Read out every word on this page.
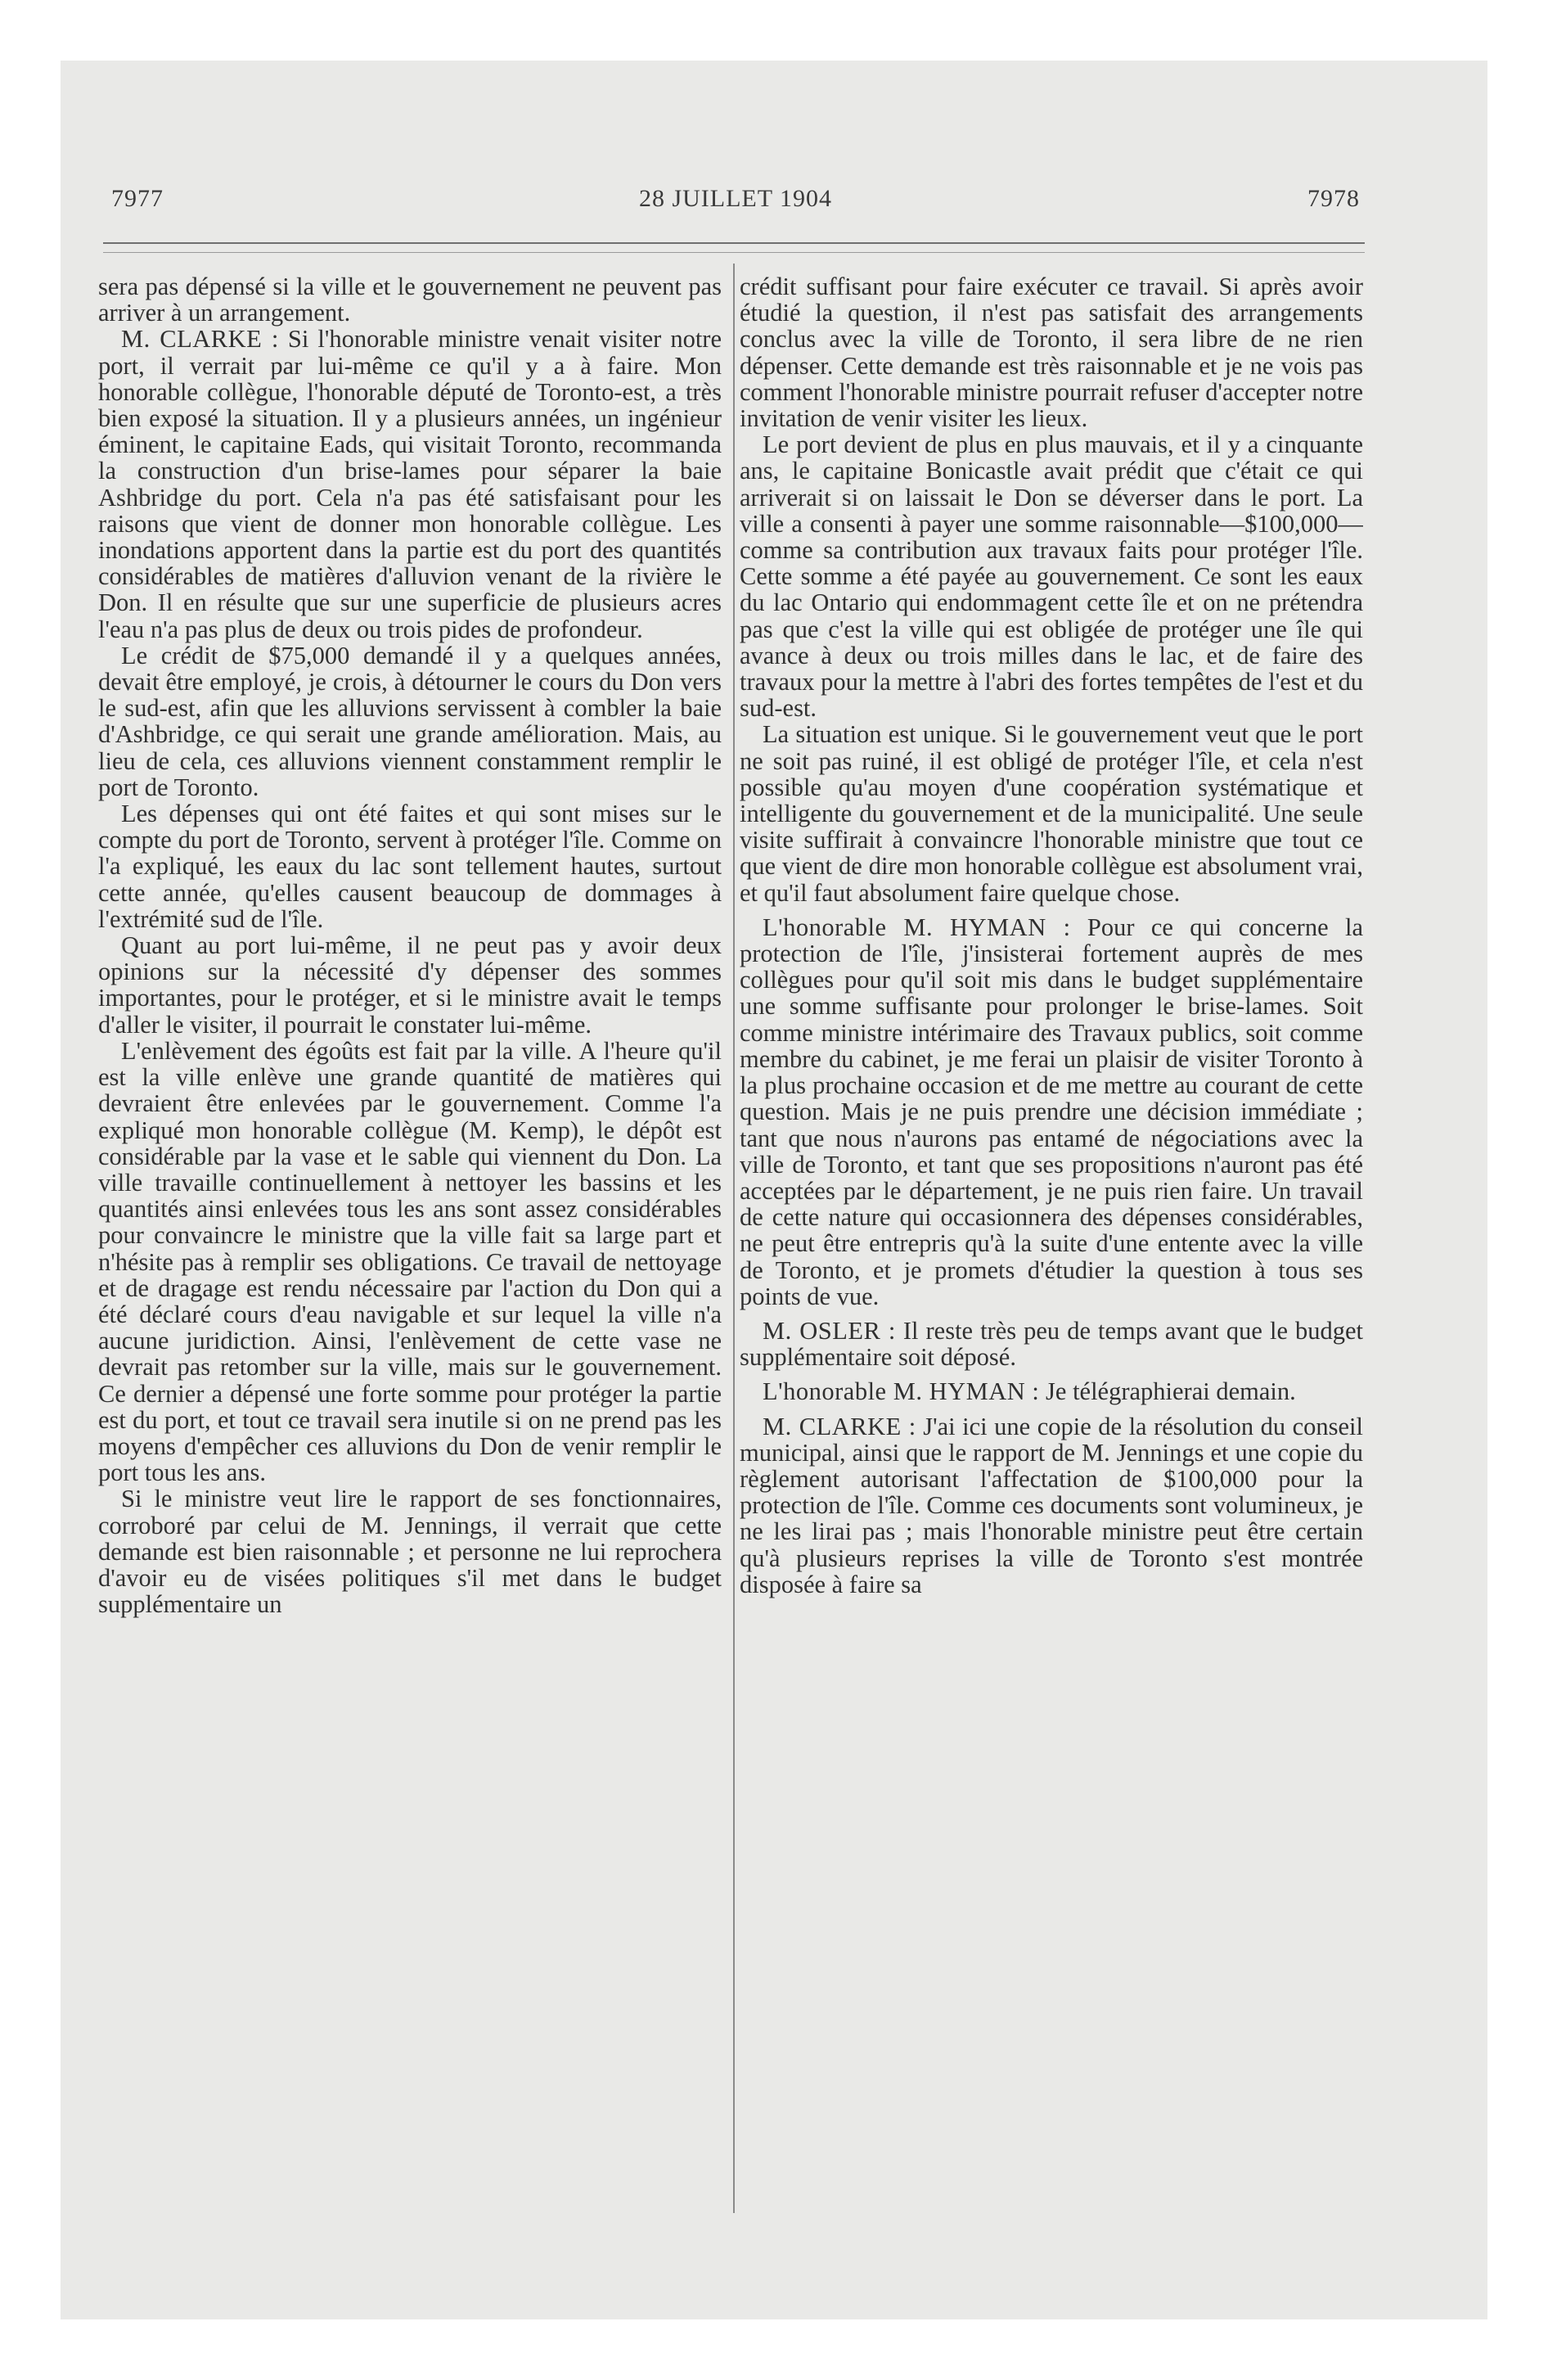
7977	28 JUILLET 1904	7978

sera pas dépensé si la ville et le gouvernement ne peuvent pas arriver à un arrangement.

M. CLARKE : Si l'honorable ministre venait visiter notre port, il verrait par lui-même ce qu'il y a à faire. Mon honorable collègue, l'honorable député de Toronto-est, a très bien exposé la situation. Il y a plusieurs années, un ingénieur éminent, le capitaine Eads, qui visitait Toronto, recommanda la construction d'un brise-lames pour séparer la baie Ashbridge du port. Cela n'a pas été satisfaisant pour les raisons que vient de donner mon honorable collègue. Les inondations apportent dans la partie est du port des quantités considérables de matières d'alluvion venant de la rivière le Don. Il en résulte que sur une superficie de plusieurs acres l'eau n'a pas plus de deux ou trois pides de profondeur.

Le crédit de $75,000 demandé il y a quelques années, devait être employé, je crois, à détourner le cours du Don vers le sud-est, afin que les alluvions servissent à combler la baie d'Ashbridge, ce qui serait une grande amélioration. Mais, au lieu de cela, ces alluvions viennent constamment remplir le port de Toronto.

Les dépenses qui ont été faites et qui sont mises sur le compte du port de Toronto, servent à protéger l'île. Comme on l'a expliqué, les eaux du lac sont tellement hautes, surtout cette année, qu'elles causent beaucoup de dommages à l'extrémité sud de l'île.

Quant au port lui-même, il ne peut pas y avoir deux opinions sur la nécessité d'y dépenser des sommes importantes, pour le protéger, et si le ministre avait le temps d'aller le visiter, il pourrait le constater lui-même.

L'enlèvement des égoûts est fait par la ville. A l'heure qu'il est la ville enlève une grande quantité de matières qui devraient être enlevées par le gouvernement. Comme l'a expliqué mon honorable collègue (M. Kemp), le dépôt est considérable par la vase et le sable qui viennent du Don. La ville travaille continuellement à nettoyer les bassins et les quantités ainsi enlevées tous les ans sont assez considérables pour convaincre le ministre que la ville fait sa large part et n'hésite pas à remplir ses obligations. Ce travail de nettoyage et de dragage est rendu nécessaire par l'action du Don qui a été déclaré cours d'eau navigable et sur lequel la ville n'a aucune juridiction. Ainsi, l'enlèvement de cette vase ne devrait pas retomber sur la ville, mais sur le gouvernement. Ce dernier a dépensé une forte somme pour protéger la partie est du port, et tout ce travail sera inutile si on ne prend pas les moyens d'empêcher ces alluvions du Don de venir remplir le port tous les ans.

Si le ministre veut lire le rapport de ses fonctionnaires, corroboré par celui de M. Jennings, il verrait que cette demande est bien raisonnable ; et personne ne lui reprochera d'avoir eu de visées politiques s'il met dans le budget supplémentaire un

crédit suffisant pour faire exécuter ce travail. Si après avoir étudié la question, il n'est pas satisfait des arrangements conclus avec la ville de Toronto, il sera libre de ne rien dépenser. Cette demande est très raisonnable et je ne vois pas comment l'honorable ministre pourrait refuser d'accepter notre invitation de venir visiter les lieux.

Le port devient de plus en plus mauvais, et il y a cinquante ans, le capitaine Bonicastle avait prédit que c'était ce qui arriverait si on laissait le Don se déverser dans le port. La ville a consenti à payer une somme raisonnable—$100,000—comme sa contribution aux travaux faits pour protéger l'île. Cette somme a été payée au gouvernement. Ce sont les eaux du lac Ontario qui endommagent cette île et on ne prétendra pas que c'est la ville qui est obligée de protéger une île qui avance à deux ou trois milles dans le lac, et de faire des travaux pour la mettre à l'abri des fortes tempêtes de l'est et du sud-est.

La situation est unique. Si le gouvernement veut que le port ne soit pas ruiné, il est obligé de protéger l'île, et cela n'est possible qu'au moyen d'une coopération systématique et intelligente du gouvernement et de la municipalité. Une seule visite suffirait à convaincre l'honorable ministre que tout ce que vient de dire mon honorable collègue est absolument vrai, et qu'il faut absolument faire quelque chose.

L'honorable M. HYMAN : Pour ce qui concerne la protection de l'île, j'insisterai fortement auprès de mes collègues pour qu'il soit mis dans le budget supplémentaire une somme suffisante pour prolonger le brise-lames. Soit comme ministre intérimaire des Travaux publics, soit comme membre du cabinet, je me ferai un plaisir de visiter Toronto à la plus prochaine occasion et de me mettre au courant de cette question. Mais je ne puis prendre une décision immédiate ; tant que nous n'aurons pas entamé de négociations avec la ville de Toronto, et tant que ses propositions n'auront pas été acceptées par le département, je ne puis rien faire. Un travail de cette nature qui occasionnera des dépenses considérables, ne peut être entrepris qu'à la suite d'une entente avec la ville de Toronto, et je promets d'étudier la question à tous ses points de vue.

M. OSLER : Il reste très peu de temps avant que le budget supplémentaire soit déposé.

L'honorable M. HYMAN : Je télégraphierai demain.

M. CLARKE : J'ai ici une copie de la résolution du conseil municipal, ainsi que le rapport de M. Jennings et une copie du règlement autorisant l'affectation de $100,000 pour la protection de l'île. Comme ces documents sont volumineux, je ne les lirai pas ; mais l'honorable ministre peut être certain qu'à plusieurs reprises la ville de Toronto s'est montrée disposée à faire sa
